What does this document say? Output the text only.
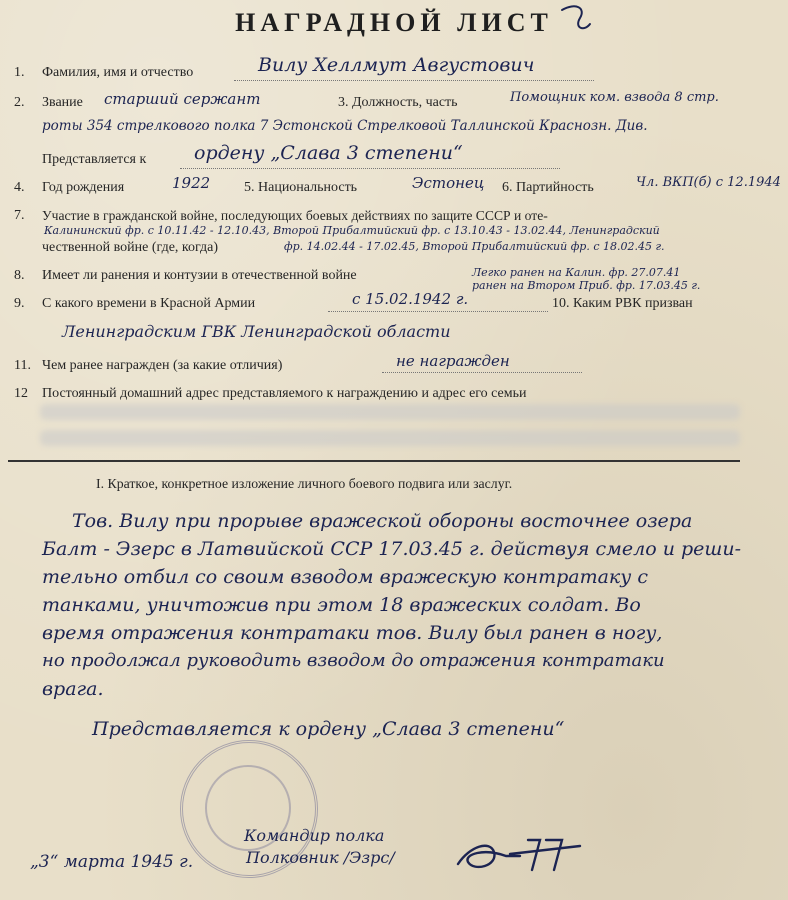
НАГРАДНОЙ ЛИСТ
1. Фамилия, имя и отчество	Вилу Хеллмут Августович
2. Звание старший сержант	3. Должность, часть	Помощник ком. взвода 8 стр.
роты 354 стрелкового полка 7 Эстонской Стрелковой Таллинской Краснозн. Див.
Представляется к	ордену „Слава 3 степени“
4. Год рождения	1922 5. Национальность	Эстонец 6. Партийность	Чл. ВКП(б) с 12.1944
7. Участие в гражданской войне, последующих боевых действиях по защите СССР и оте-
Калининский фр. с 10.11.42 - 12.10.43, Второй Прибалтийский фр. с 13.10.43 - 13.02.44, Ленинградский
чественной войне (где, когда)	фр. 14.02.44 - 17.02.45, Второй Прибалтийский фр. с 18.02.45 г.
8. Имеет ли ранения и контузии в отечественной войне	Легко ранен на Калин. фр. 27.07.41
ранен на Втором Приб. фр. 17.03.45 г.
9. С какого времени в Красной Армии	с 15.02.1942 г.	10. Каким РВК призван
Ленинградским ГВК Ленинградской области
11. Чем ранее награжден (за какие отличия)	не награжден
12 Постоянный домашний адрес представляемого к награждению и адрес его семьи
I. Краткое, конкретное изложение личного боевого подвига или заслуг.
Тов. Вилу при прорыве вражеской обороны восточнее озера
Балт - Эзерс в Латвийской ССР 17.03.45 г. действуя смело и реши-
тельно отбил со своим взводом вражескую контратаку с
танками, уничтожив при этом 18 вражеских солдат. Во
время отражения контратаки тов. Вилу был ранен в ногу,
но продолжал руководить взводом до отражения контратаки
врага.
Представляется к ордену „Слава 3 степени“
Командир полка
„3“ марта 1945 г.	Полковник /Эзрс/
